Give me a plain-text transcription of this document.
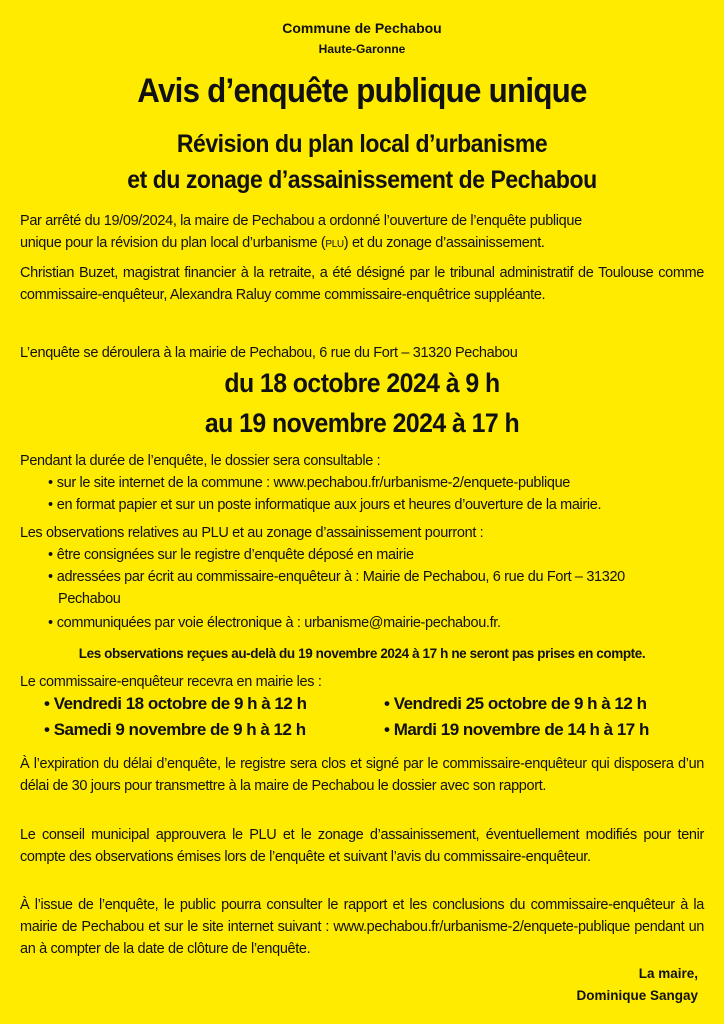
Commune de Pechabou
Haute-Garonne
Avis d’enquête publique unique
Révision du plan local d’urbanisme
et du zonage d’assainissement de Pechabou
Par arrêté du 19/09/2024, la maire de Pechabou a ordonné l’ouverture de l’enquête publique
unique pour la révision du plan local d’urbanisme (PLU) et du zonage d’assainissement.
Christian Buzet, magistrat financier à la retraite, a été désigné par le tribunal administratif de Toulouse comme commissaire-enquêteur, Alexandra Raluy comme commissaire-enquêtrice suppléante.
L’enquête se déroulera à la mairie de Pechabou, 6 rue du Fort – 31320 Pechabou
du 18 octobre 2024 à 9 h
au 19 novembre 2024 à 17 h
Pendant la durée de l’enquête, le dossier sera consultable :
• sur le site internet de la commune : www.pechabou.fr/urbanisme-2/enquete-publique
• en format papier et sur un poste informatique aux jours et heures d’ouverture de la mairie.
Les observations relatives au PLU et au zonage d’assainissement pourront :
• être consignées sur le registre d’enquête déposé en mairie
• adressées par écrit au commissaire-enquêteur à : Mairie de Pechabou, 6 rue du Fort – 31320
Pechabou
• communiquées par voie électronique à : urbanisme@mairie-pechabou.fr.
Les observations reçues au-delà du 19 novembre 2024 à 17 h ne seront pas prises en compte.
Le commissaire-enquêteur recevra en mairie les :
• Vendredi 18 octobre de 9 h à 12 h	• Vendredi 25 octobre de 9 h à 12 h
• Samedi 9 novembre de 9 h à 12 h	• Mardi 19 novembre de 14 h à 17 h
À l’expiration du délai d’enquête, le registre sera clos et signé par le commissaire-enquêteur qui disposera d’un délai de 30 jours pour transmettre à la maire de Pechabou le dossier avec son rapport.
Le conseil municipal approuvera le PLU et le zonage d’assainissement, éventuellement modifiés pour tenir compte des observations émises lors de l’enquête et suivant l’avis du commissaire-enquêteur.
À l’issue de l’enquête, le public pourra consulter le rapport et les conclusions du commissaire-enquêteur à la mairie de Pechabou et sur le site internet suivant : www.pechabou.fr/urbanisme-2/enquete-publique pendant un an à compter de la date de clôture de l’enquête.
La maire,
Dominique Sangay
